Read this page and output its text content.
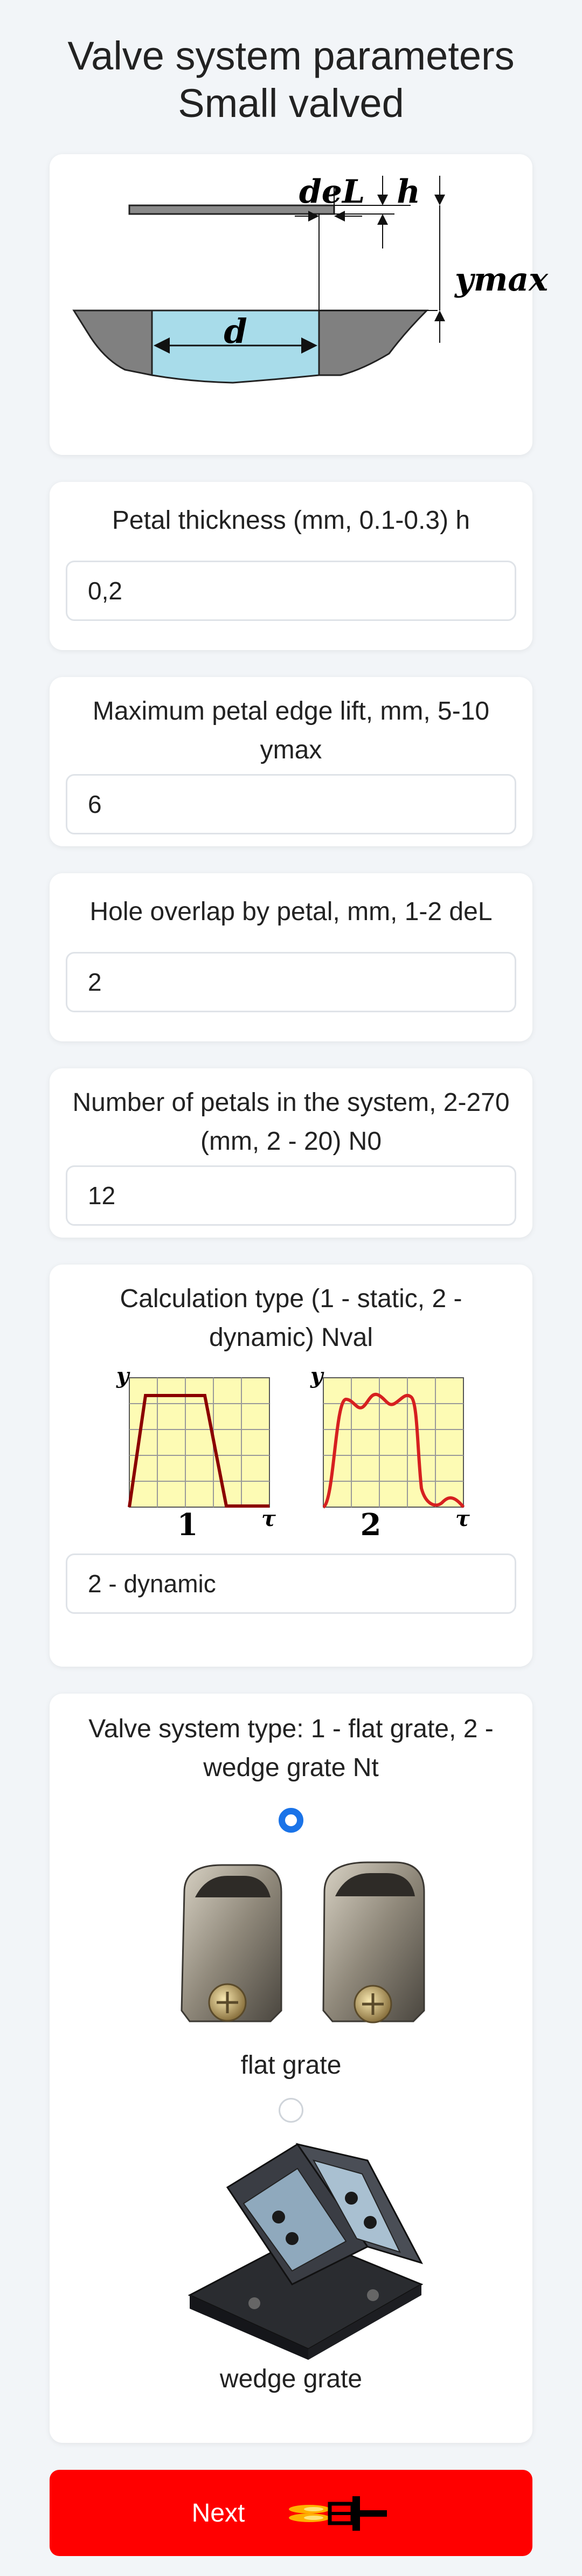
Valve system parameters
Small valved
d
deL h
ymax
Petal thickness (mm, 0.1-0.3) h
0,2
Maximum petal edge lift, mm, 5-10 ymax
6
Hole overlap by petal, mm, 1-2 deL
2
Number of petals in the system, 2-270 (mm, 2 - 20) N0
12
Calculation type (1 - static, 2 - dynamic) Nval
y
τ
1
y
τ
2
2 - dynamic
Valve system type: 1 - flat grate, 2 - wedge grate Nt
flat grate
wedge grate
Next
